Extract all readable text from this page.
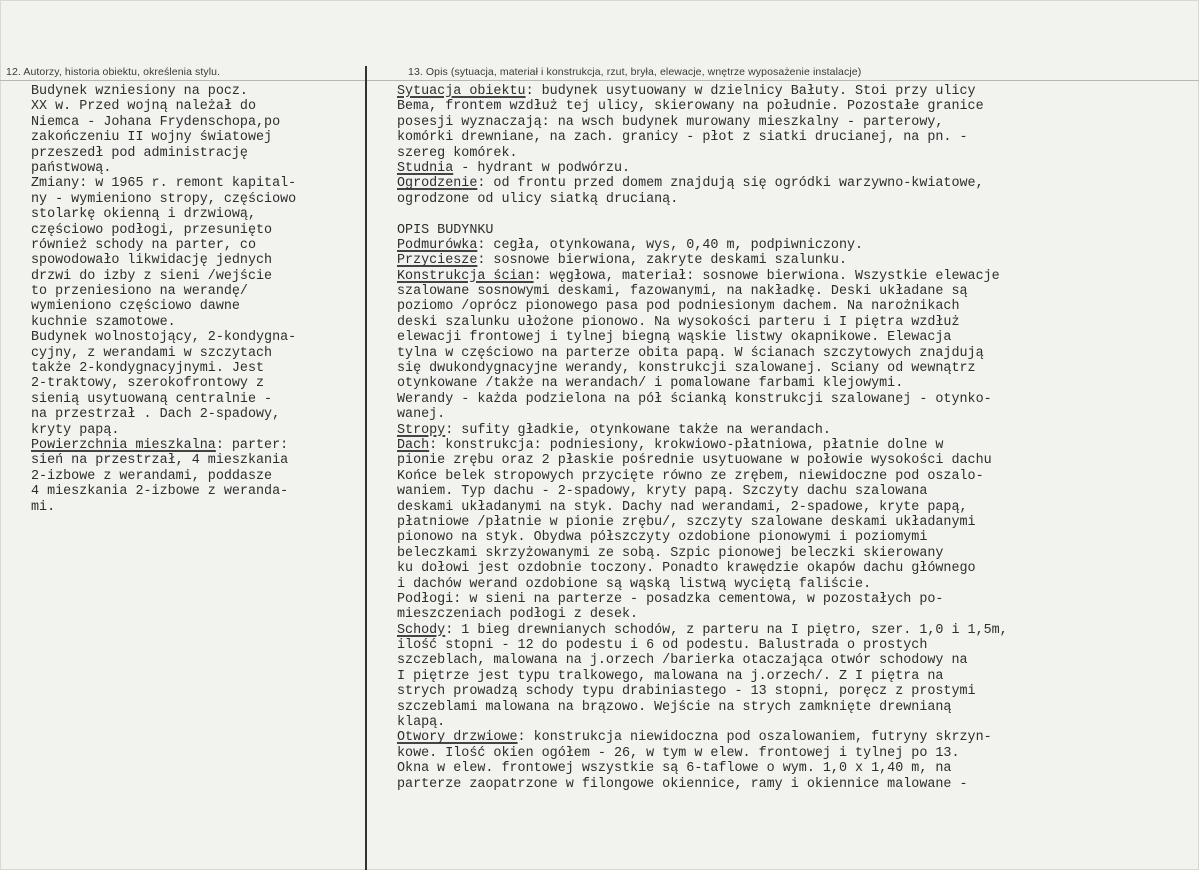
12. Autorzy, historia obiektu, określenia stylu.	13. Opis (sytuacja, materiał i konstrukcja, rzut, bryła, elewacje, wnętrze wyposażenie instalacje)
Budynek wzniesiony na pocz.
XX w. Przed wojną należał do
Niemca - Johana Frydenschopa,po
zakończeniu II wojny światowej
przeszedł pod administrację
państwową.
Zmiany: w 1965 r. remont kapital-
ny - wymieniono stropy, częściowo
stolarkę okienną i drzwiową,
częściowo podłogi, przesunięto
również schody na parter, co
spowodowało likwidację jednych
drzwi do izby z sieni /wejście
to przeniesiono na werandę/
wymieniono częściowo dawne
kuchnie szamotowe.
Budynek wolnostojący, 2-kondygna-
cyjny, z werandami w szczytach
także 2-kondygnacyjnymi. Jest
2-traktowy, szerokofrontowy z
sienią usytuowaną centralnie -
na przestrzał . Dach 2-spadowy,
kryty papą.
Powierzchnia mieszkalna: parter:
sień na przestrzał, 4 mieszkania
2-izbowe z werandami, poddasze
4 mieszkania 2-izbowe z werandа-
mi.
Sytuacja obiektu: budynek usytuowany w dzielnicy Bałuty. Stoi przy ulicy
Bema, frontem wzdłuż tej ulicy, skierowany na południe. Pozostałe granice
posesji wyznaczają: na wsch budynek murowany mieszkalny - parterowy,
komórki drewniane, na zach. granicy - płot z siatki drucianej, na pn. -
szereg komórek.
Studnia - hydrant w podwórzu.
Ogrodzenie: od frontu przed domem znajdują się ogródki warzywno-kwiatowe,
ogrodzone od ulicy siatką drucianą.
OPIS BUDYNKU
Podmurówka: cegła, otynkowana, wys, 0,40 m, podpiwniczony.
Przyciesze: sosnowe bierwiona, zakryte deskami szalunku.
Konstrukcja ścian: węgłowa, materiał: sosnowe bierwiona. Wszystkie elewacje
szalowane sosnowymi deskami, fazowanymi, na nakładkę. Deski układane są
poziomo /oprócz pionowego pasa pod podniesionym dachem. Na narożnikach
deski szalunku ułożone pionowo. Na wysokości parteru i I piętra wzdłuż
elewacji frontowej i tylnej biegną wąskie listwy okapnikowe. Elewacja
tylna w częściowo na parterze obita papą. W ścianach szczytowych znajdują
się dwukondygnacyjne werandy, konstrukcji szalowanej. Sciany od wewnątrz
otynkowane /także na werandach/ i pomalowane farbami klejowymi.
Werandy - każda podzielona na pół ścianką konstrukcji szalowanej - otynko-
wanej.
Stropy: sufity gładkie, otynkowane także na werandach.
Dach: konstrukcja: podniesiony, krokwiowo-płatniowa, płatnie dolne w
pionie zrębu oraz 2 płaskie pośrednie usytuowane w połowie wysokości dachu
Końce belek stropowych przycięte równo ze zrębem, niewidoczne pod oszalo-
waniem. Typ dachu - 2-spadowy, kryty papą. Szczyty dachu szalowana
deskami układanymi na styk. Dachy nad werandami, 2-spadowe, kryte papą,
płatniowe /płatnie w pionie zrębu/, szczyty szalowane deskami układanymi
pionowo na styk. Obydwa półszczyty ozdobione pionowymi i poziomymi
beleczkami skrzyżowanymi ze sobą. Szpic pionowej beleczki skierowany
ku dołowi jest ozdobnie toczony. Ponadto krawędzie okapów dachu głównego
i dachów werand ozdobione są wąską listwą wyciętą faliście.
Podłogi: w sieni na parterze - posadzka cementowa, w pozostałych po-
mieszczeniach podłogi z desek.
Schody: 1 bieg drewnianych schodów, z parteru na I piętro, szer. 1,0 i 1,5m,
ilość stopni - 12 do podestu i 6 od podestu. Balustrada o prostych
szczeblach, malowana na j.orzech /barierka otaczająca otwór schodowy na
I piętrze jest typu tralkowego, malowana na j.orzech/. Z I piętra na
strych prowadzą schody typu drabiniastego - 13 stopni, poręcz z prostymi
szczeblami malowana na brązowo. Wejście na strych zamknięte drewnianą
klapą.
Otwory drzwiowe: konstrukcja niewidoczna pod oszalowaniem, futryny skrzyn-
kowe. Ilość okien ogółem - 26, w tym w elew. frontowej i tylnej po 13.
Okna w elew. frontowej wszystkie są 6-taflowe o wym. 1,0 x 1,40 m, na
parterze zaopatrzone w filongowe okiennice, ramy i okiennice malowane -
